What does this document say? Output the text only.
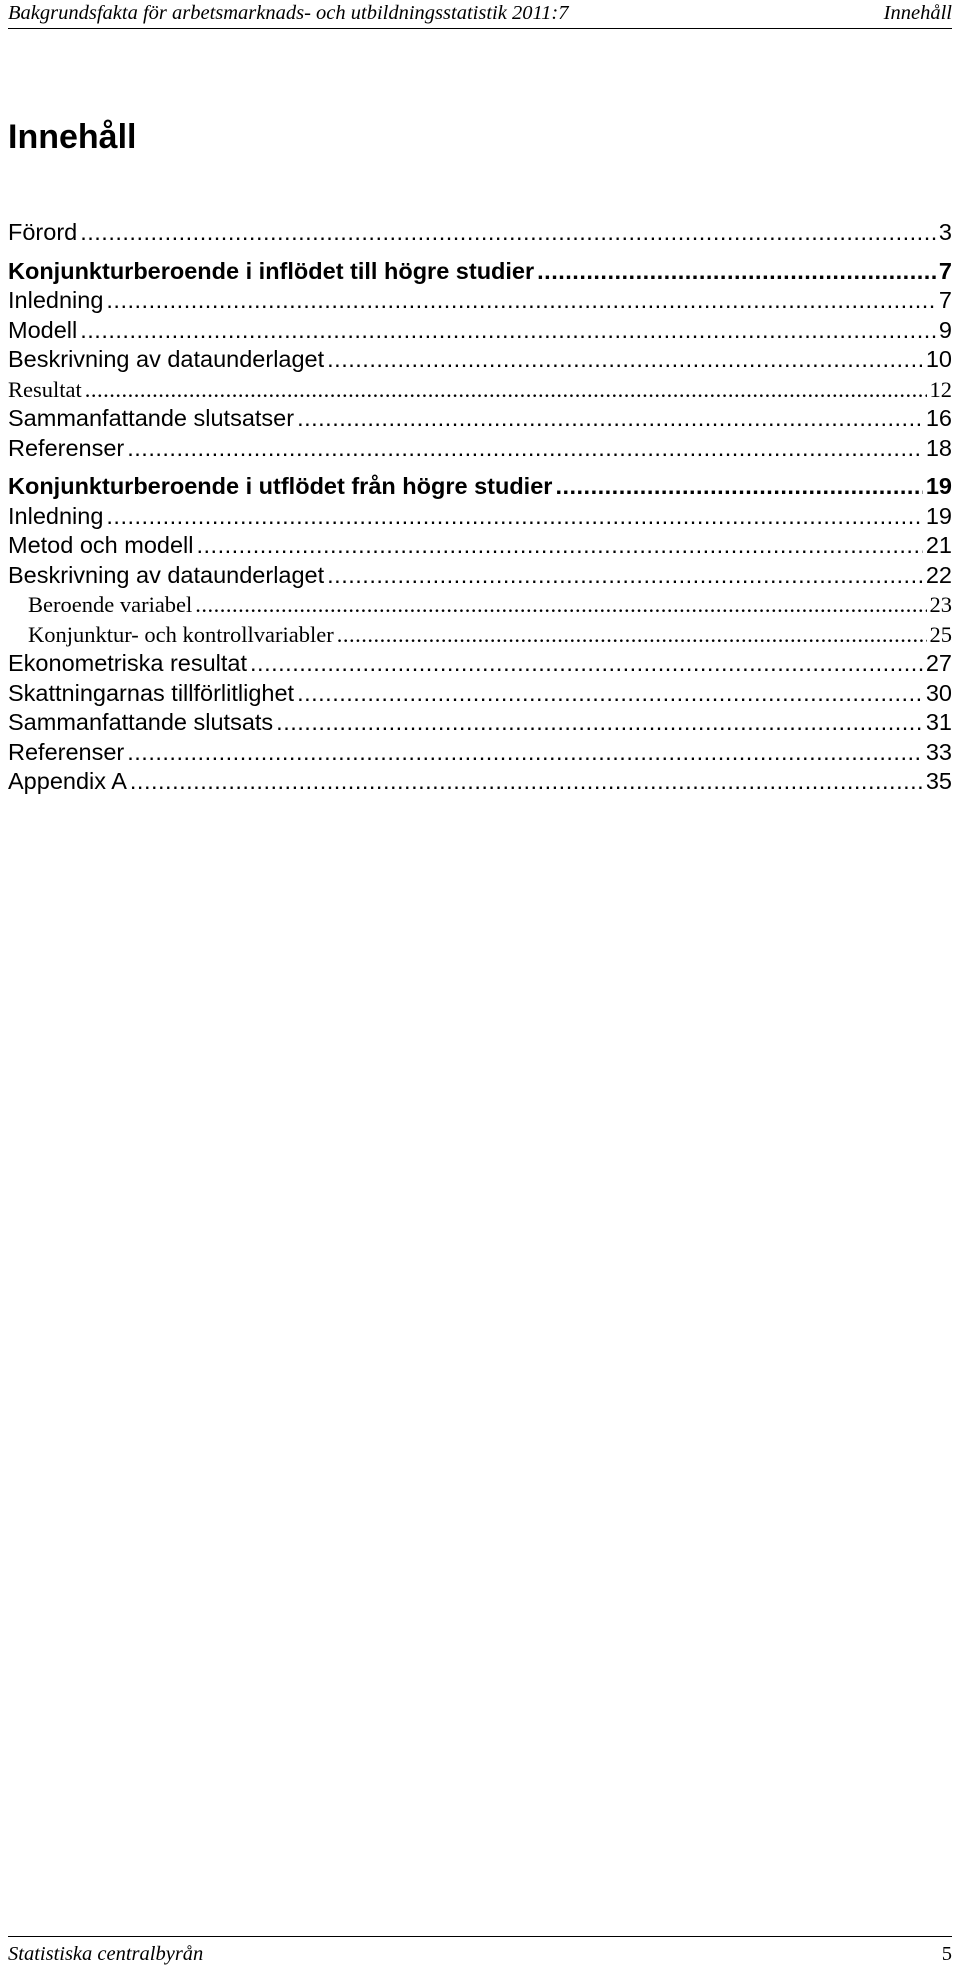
Bakgrundsfakta för arbetsmarknads- och utbildningsstatistik 2011:7	Innehåll
Innehåll
Förord .....	3
Konjunkturberoende i inflödet till högre studier .....	7
Inledning .....	7
Modell .....	9
Beskrivning av dataunderlaget .....	10
Resultat .....	12
Sammanfattande slutsatser .....	16
Referenser .....	18
Konjunkturberoende i utflödet från högre studier .....	19
Inledning .....	19
Metod och modell .....	21
Beskrivning av dataunderlaget .....	22
Beroende variabel .....	23
Konjunktur- och kontrollvariabler .....	25
Ekonometriska resultat .....	27
Skattningarnas tillförlitlighet .....	30
Sammanfattande slutsats .....	31
Referenser .....	33
Appendix A .....	35
Statistiska centralbyrån	5
